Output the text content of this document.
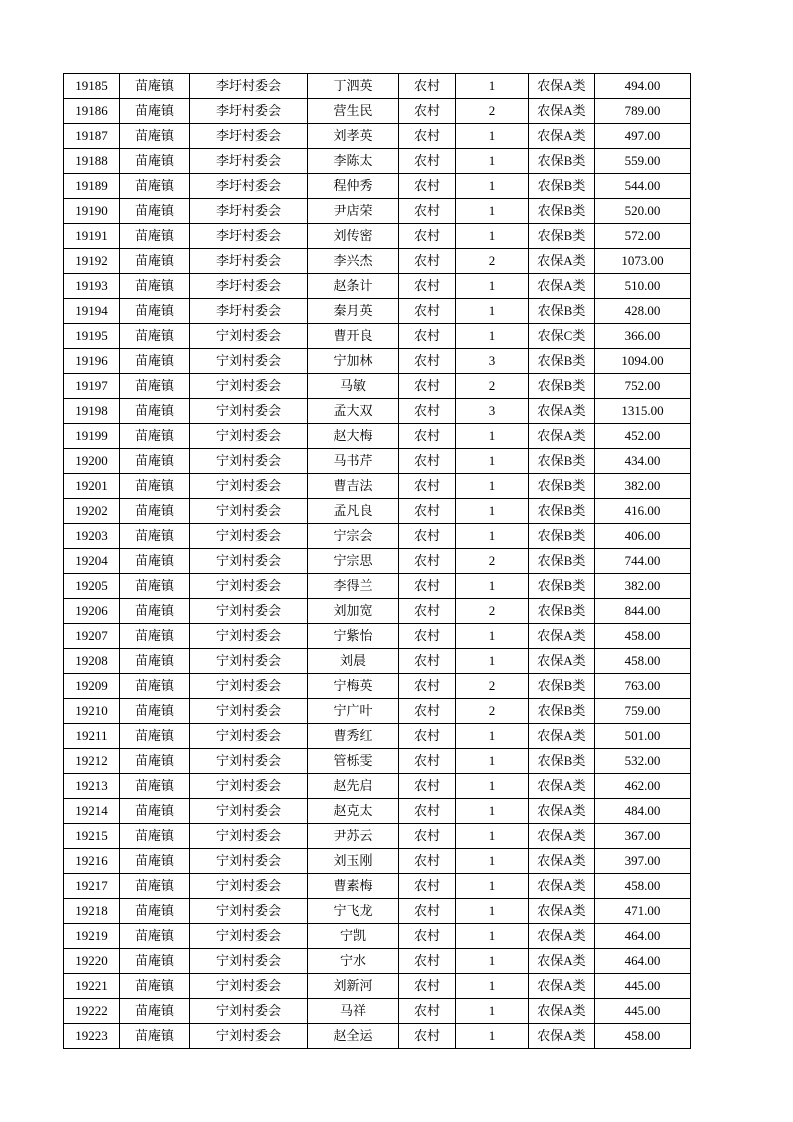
19185	苗庵镇	李圩村委会	丁泗英	农村	1	农保A类	494.00
19186	苗庵镇	李圩村委会	营生民	农村	2	农保A类	789.00
19187	苗庵镇	李圩村委会	刘孝英	农村	1	农保A类	497.00
19188	苗庵镇	李圩村委会	李陈太	农村	1	农保B类	559.00
19189	苗庵镇	李圩村委会	程仲秀	农村	1	农保B类	544.00
19190	苗庵镇	李圩村委会	尹店荣	农村	1	农保B类	520.00
19191	苗庵镇	李圩村委会	刘传密	农村	1	农保B类	572.00
19192	苗庵镇	李圩村委会	李兴杰	农村	2	农保A类	1073.00
19193	苗庵镇	李圩村委会	赵条计	农村	1	农保A类	510.00
19194	苗庵镇	李圩村委会	秦月英	农村	1	农保B类	428.00
19195	苗庵镇	宁刘村委会	曹开良	农村	1	农保C类	366.00
19196	苗庵镇	宁刘村委会	宁加林	农村	3	农保B类	1094.00
19197	苗庵镇	宁刘村委会	马敏	农村	2	农保B类	752.00
19198	苗庵镇	宁刘村委会	孟大双	农村	3	农保A类	1315.00
19199	苗庵镇	宁刘村委会	赵大梅	农村	1	农保A类	452.00
19200	苗庵镇	宁刘村委会	马书芹	农村	1	农保B类	434.00
19201	苗庵镇	宁刘村委会	曹吉法	农村	1	农保B类	382.00
19202	苗庵镇	宁刘村委会	孟凡良	农村	1	农保B类	416.00
19203	苗庵镇	宁刘村委会	宁宗会	农村	1	农保B类	406.00
19204	苗庵镇	宁刘村委会	宁宗思	农村	2	农保B类	744.00
19205	苗庵镇	宁刘村委会	李得兰	农村	1	农保B类	382.00
19206	苗庵镇	宁刘村委会	刘加宽	农村	2	农保B类	844.00
19207	苗庵镇	宁刘村委会	宁紫怡	农村	1	农保A类	458.00
19208	苗庵镇	宁刘村委会	刘晨	农村	1	农保A类	458.00
19209	苗庵镇	宁刘村委会	宁梅英	农村	2	农保B类	763.00
19210	苗庵镇	宁刘村委会	宁广叶	农村	2	农保B类	759.00
19211	苗庵镇	宁刘村委会	曹秀红	农村	1	农保A类	501.00
19212	苗庵镇	宁刘村委会	管栎雯	农村	1	农保B类	532.00
19213	苗庵镇	宁刘村委会	赵先启	农村	1	农保A类	462.00
19214	苗庵镇	宁刘村委会	赵克太	农村	1	农保A类	484.00
19215	苗庵镇	宁刘村委会	尹苏云	农村	1	农保A类	367.00
19216	苗庵镇	宁刘村委会	刘玉刚	农村	1	农保A类	397.00
19217	苗庵镇	宁刘村委会	曹素梅	农村	1	农保A类	458.00
19218	苗庵镇	宁刘村委会	宁飞龙	农村	1	农保A类	471.00
19219	苗庵镇	宁刘村委会	宁凯	农村	1	农保A类	464.00
19220	苗庵镇	宁刘村委会	宁水	农村	1	农保A类	464.00
19221	苗庵镇	宁刘村委会	刘新河	农村	1	农保A类	445.00
19222	苗庵镇	宁刘村委会	马祥	农村	1	农保A类	445.00
19223	苗庵镇	宁刘村委会	赵全运	农村	1	农保A类	458.00
